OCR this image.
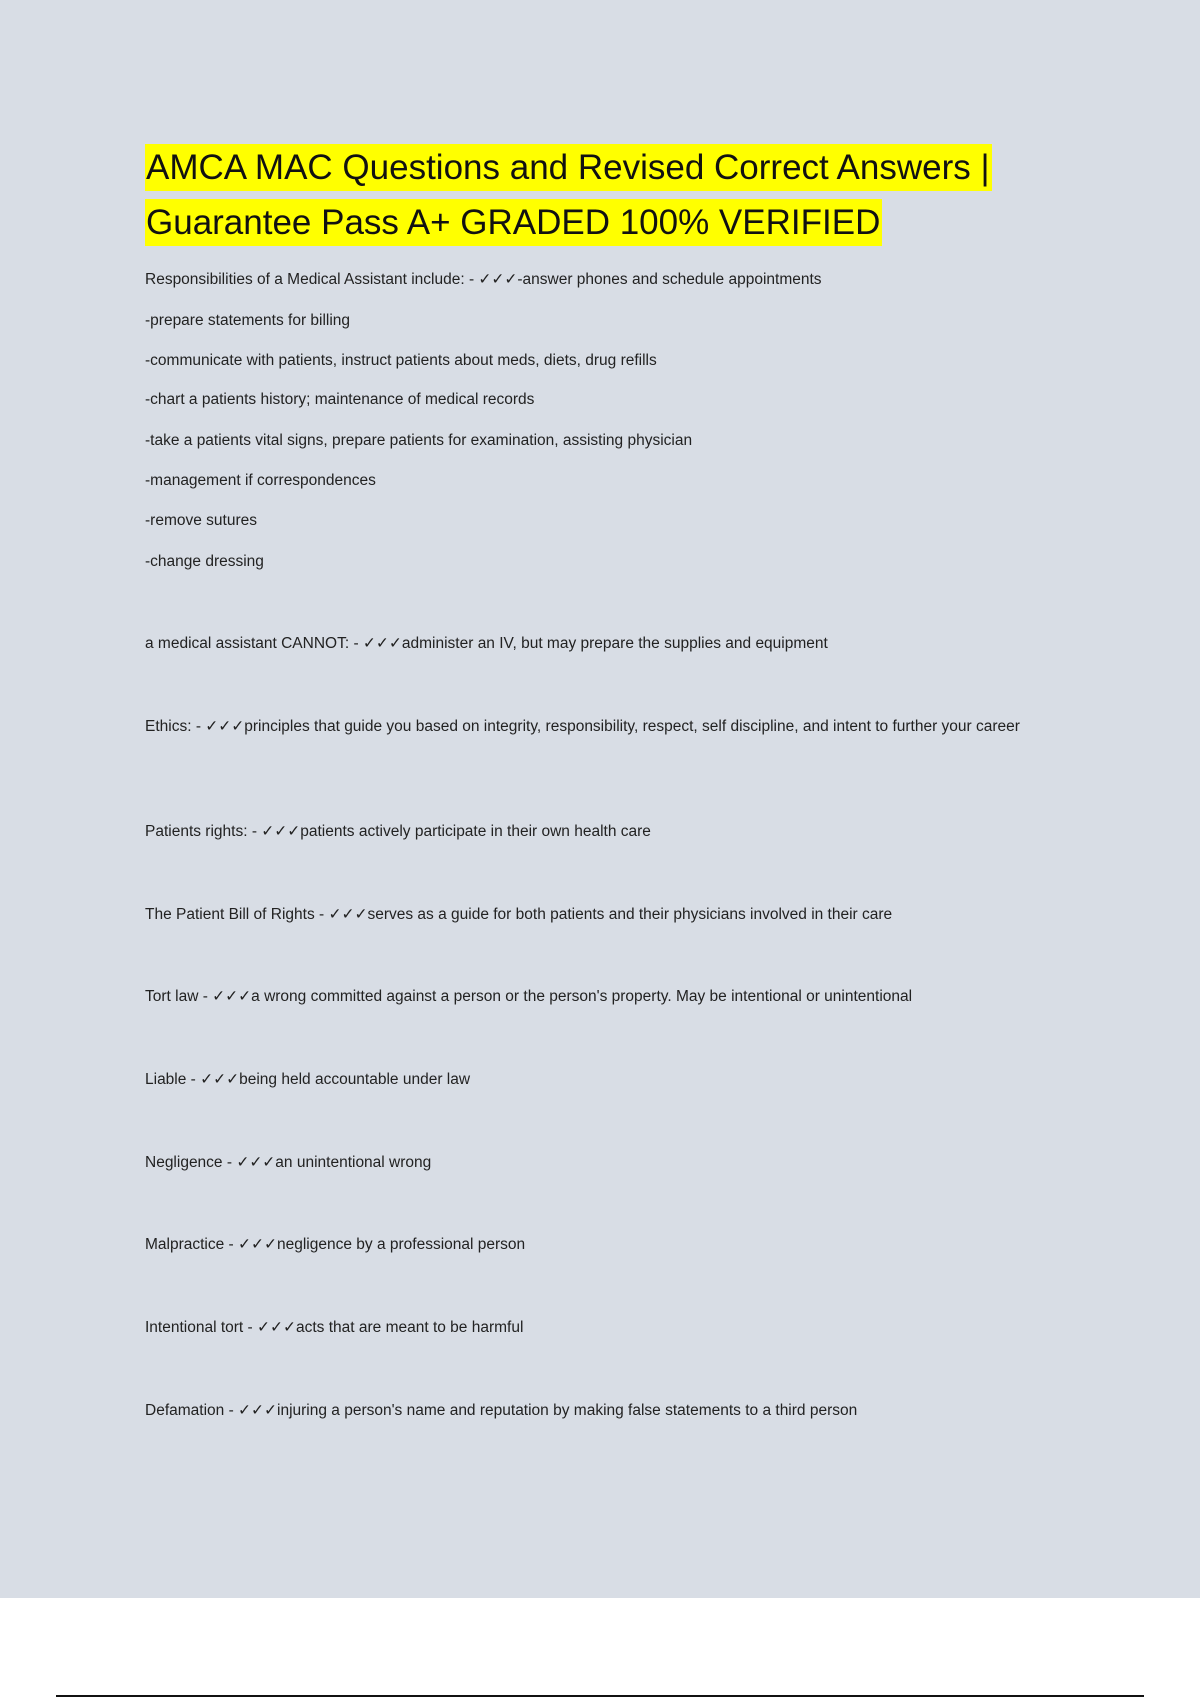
AMCA MAC Questions and Revised Correct Answers |
Guarantee Pass A+ GRADED 100% VERIFIED
Responsibilities of a Medical Assistant include: - ✓✓✓-answer phones and schedule appointments
-prepare statements for billing
-communicate with patients, instruct patients about meds, diets, drug refills
-chart a patients history; maintenance of medical records
-take a patients vital signs, prepare patients for examination, assisting physician
-management if correspondences
-remove sutures
-change dressing
a medical assistant CANNOT: - ✓✓✓administer an IV, but may prepare the supplies and equipment
Ethics: - ✓✓✓principles that guide you based on integrity, responsibility, respect, self discipline, and intent to further your career
Patients rights: - ✓✓✓patients actively participate in their own health care
The Patient Bill of Rights - ✓✓✓serves as a guide for both patients and their physicians involved in their care
Tort law - ✓✓✓a wrong committed against a person or the person's property. May be intentional or unintentional
Liable - ✓✓✓being held accountable under law
Negligence - ✓✓✓an unintentional wrong
Malpractice - ✓✓✓negligence by a professional person
Intentional tort - ✓✓✓acts that are meant to be harmful
Defamation - ✓✓✓injuring a person's name and reputation by making false statements to a third person
